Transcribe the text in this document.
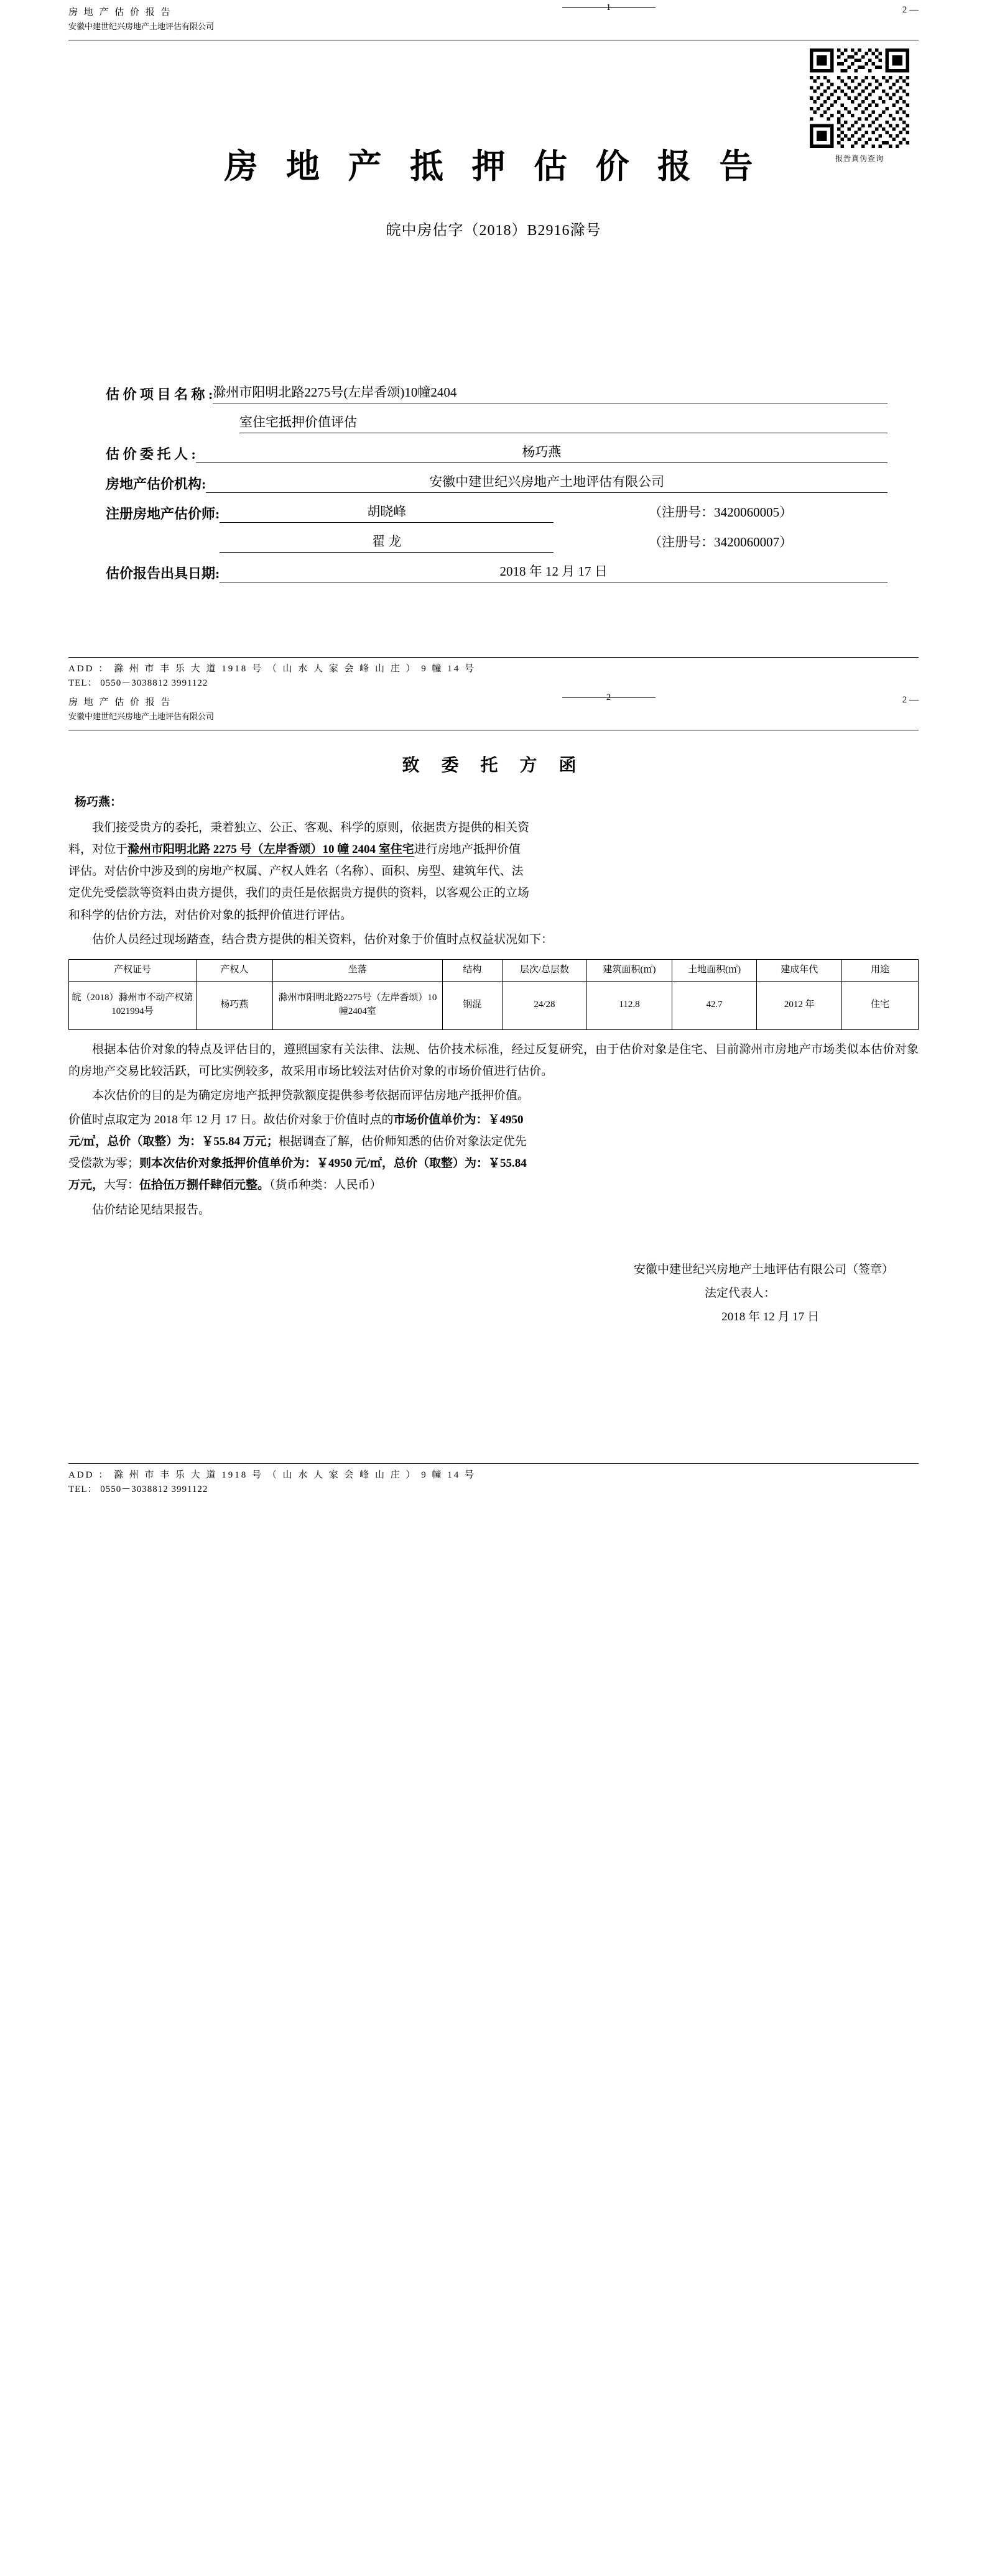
房 地 产 估 价 报 告
安徽中建世纪兴房地产土地评估有限公司
1	2 —
报告真伪查询
房 地 产 抵 押 估 价 报 告
皖中房估字（2018）B2916滁号
估 价 项 目 名 称 : 滁州市阳明北路2275号(左岸香颂)10幢2404
室住宅抵押价值评估
估 价 委 托 人 :	杨巧燕
房地产估价机构:	安徽中建世纪兴房地产土地评估有限公司
注册房地产估价师:	胡晓峰	（注册号：3420060005）
翟 龙	（注册号：3420060007）
估价报告出具日期:	2018 年 12 月 17 日
ADD ： 滁 州 市 丰 乐 大 道 1918 号 （ 山 水 人 家 会 峰 山 庄 ） 9 幢 14 号
TEL： 0550－3038812 3991122
房 地 产 估 价 报 告
安徽中建世纪兴房地产土地评估有限公司
2	2 —
致 委 托 方 函
杨巧燕：

我们接受贵方的委托，秉着独立、公正、客观、科学的原则，依据贵方提供的相关资

料，对位于滁州市阳明北路 2275 号（左岸香颂）10 幢 2404 室住宅进行房地产抵押价值
评估。对估价中涉及到的房地产权属、产权人姓名（名称）、面积、房型、建筑年代、法
定优先受偿款等资料由贵方提供，我们的责任是依据贵方提供的资料，以客观公正的立场
和科学的估价方法，对估价对象的抵押价值进行评估。

估价人员经过现场踏查，结合贵方提供的相关资料，估价对象于价值时点权益状况如下：

产权证号	产权人	坐落	结构	层次/总层数	建筑面积(㎡)	土地面积(㎡)	建成年代	用途
皖（2018）滁州市不动产权第1021994号	杨巧燕	滁州市阳明北路2275号（左岸香颂）10幢2404室	钢混	24/28	112.8	42.7	2012 年	住宅

根据本估价对象的特点及评估目的，遵照国家有关法律、法规、估价技术标准，经过反复研究，由于估价对象是住宅、目前滁州市房地产市场类似本估价对象的房地产交易比较活跃，可比实例较多，故采用市场比较法对估价对象的市场价值进行估价。

本次估价的目的是为确定房地产抵押贷款额度提供参考依据而评估房地产抵押价值。

价值时点取定为 2018 年 12 月 17 日。故估价对象于价值时点的市场价值单价为：￥4950
元/㎡，总价（取整）为：￥55.84 万元；根据调查了解，估价师知悉的估价对象法定优先
受偿款为零；则本次估价对象抵押价值单价为：￥4950 元/㎡，总价（取整）为：￥55.84
万元，大写：伍拾伍万捌仟肆佰元整。（货币种类：人民币）

估价结论见结果报告。

安徽中建世纪兴房地产土地评估有限公司（签章）
法定代表人：
2018 年 12 月 17 日
ADD ： 滁 州 市 丰 乐 大 道 1918 号 （ 山 水 人 家 会 峰 山 庄 ） 9 幢 14 号
TEL： 0550－3038812 3991122
